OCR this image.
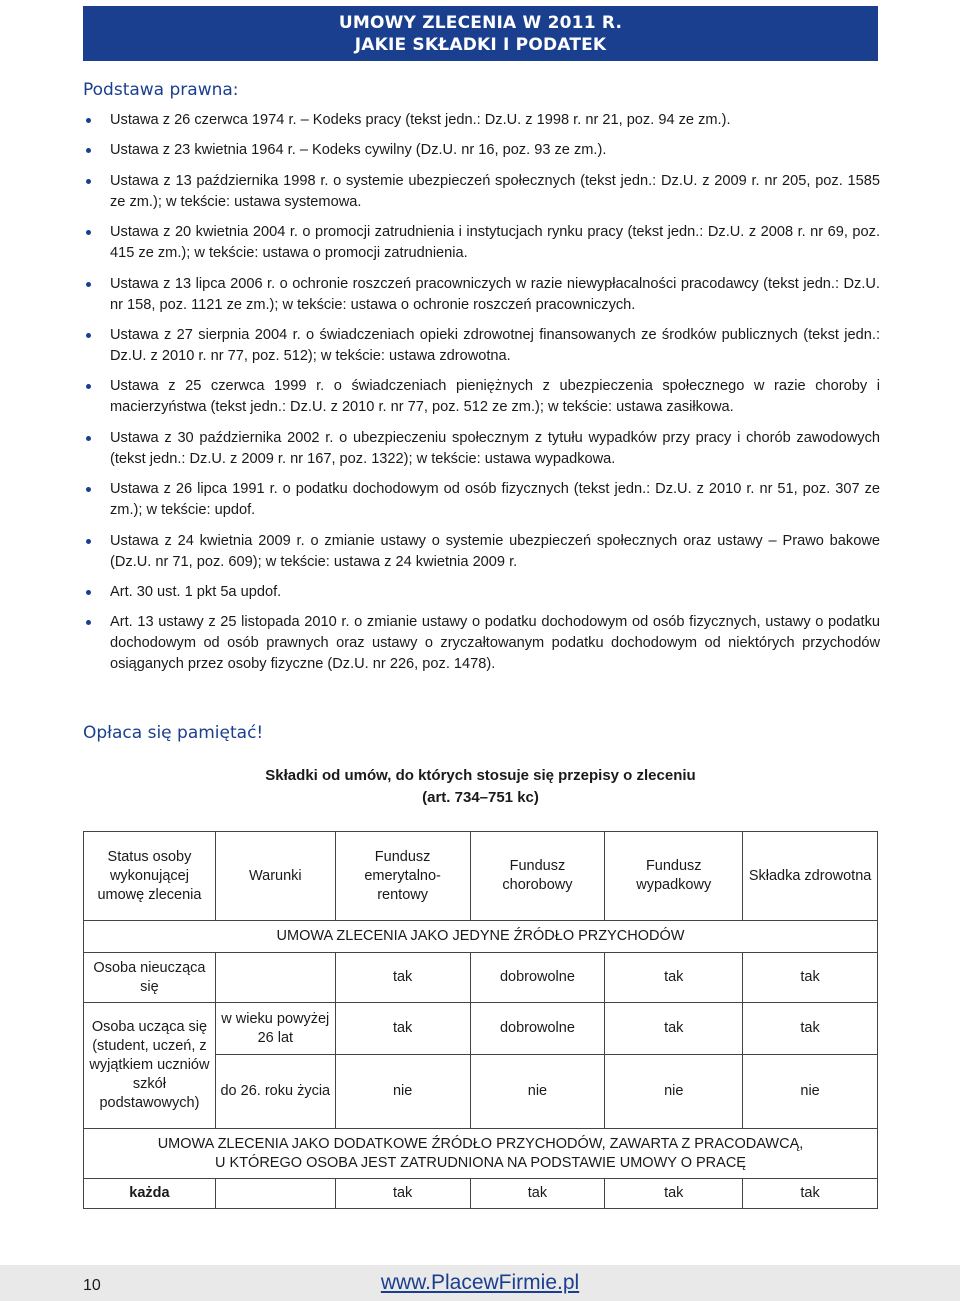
UMOWY ZLECENIA W 2011 R.
JAKIE SKŁADKI I PODATEK
Podstawa prawna:
Ustawa z 26 czerwca 1974 r. – Kodeks pracy (tekst jedn.: Dz.U. z 1998 r. nr 21, poz. 94 ze zm.).
Ustawa z 23 kwietnia 1964 r. – Kodeks cywilny (Dz.U. nr 16, poz. 93 ze zm.).
Ustawa z 13 października 1998 r. o systemie ubezpieczeń społecznych (tekst jedn.: Dz.U. z 2009 r. nr 205, poz. 1585 ze zm.); w tekście: ustawa systemowa.
Ustawa z 20 kwietnia 2004 r. o promocji zatrudnienia i instytucjach rynku pracy (tekst jedn.: Dz.U. z 2008 r. nr 69, poz. 415 ze zm.); w tekście: ustawa o promocji zatrudnienia.
Ustawa z 13 lipca 2006 r. o ochronie roszczeń pracowniczych w razie niewypłacalności pracodawcy (tekst jedn.: Dz.U. nr 158, poz. 1121 ze zm.); w tekście: ustawa o ochronie roszczeń pracowniczych.
Ustawa z 27 sierpnia 2004 r. o świadczeniach opieki zdrowotnej finansowanych ze środków publicznych (tekst jedn.: Dz.U. z 2010 r. nr 77, poz. 512); w tekście: ustawa zdrowotna.
Ustawa z 25 czerwca 1999 r. o świadczeniach pieniężnych z ubezpieczenia społecznego w razie choroby i macierzyństwa (tekst jedn.: Dz.U. z 2010 r. nr 77, poz. 512 ze zm.); w tekście: ustawa zasiłkowa.
Ustawa z 30 października 2002 r. o ubezpieczeniu społecznym z tytułu wypadków przy pracy i chorób zawodowych (tekst jedn.: Dz.U. z 2009 r. nr 167, poz. 1322); w tekście: ustawa wypadkowa.
Ustawa z 26 lipca 1991 r. o podatku dochodowym od osób fizycznych (tekst jedn.: Dz.U. z 2010 r. nr 51, poz. 307 ze zm.); w tekście: updof.
Ustawa z 24 kwietnia 2009 r. o zmianie ustawy o systemie ubezpieczeń społecznych oraz ustawy – Prawo bakowe (Dz.U. nr 71, poz. 609); w tekście: ustawa z 24 kwietnia 2009 r.
Art. 30 ust. 1 pkt 5a updof.
Art. 13 ustawy z 25 listopada 2010 r. o zmianie ustawy o podatku dochodowym od osób fizycznych, ustawy o podatku dochodowym od osób prawnych oraz ustawy o zryczałtowanym podatku dochodowym od niektórych przychodów osiąganych przez osoby fizyczne (Dz.U. nr 226, poz. 1478).
Opłaca się pamiętać!
Składki od umów, do których stosuje się przepisy o zleceniu
(art. 734–751 kc)
Status osoby wykonującej umowę zlecenia	Warunki	Fundusz emerytalno-rentowy	Fundusz chorobowy	Fundusz wypadkowy	Składka zdrowotna
UMOWA ZLECENIA JAKO JEDYNE ŹRÓDŁO PRZYCHODÓW					
Osoba nieucząca się		tak	dobrowolne	tak	tak
Osoba ucząca się (student, uczeń, z wyjątkiem uczniów szkół podstawowych)	w wieku powyżej 26 lat	tak	dobrowolne	tak	tak
	do 26. roku życia	nie	nie	nie	nie

UMOWA ZLECENIA JAKO DODATKOWE ŹRÓDŁO PRZYCHODÓW, ZAWARTA Z PRACODAWCĄ,
U KTÓREGO OSOBA JEST ZATRUDNIONA NA PODSTAWIE UMOWY O PRACĘ					

każda		tak	tak	tak	tak
10	www.PlacewFirmie.pl
